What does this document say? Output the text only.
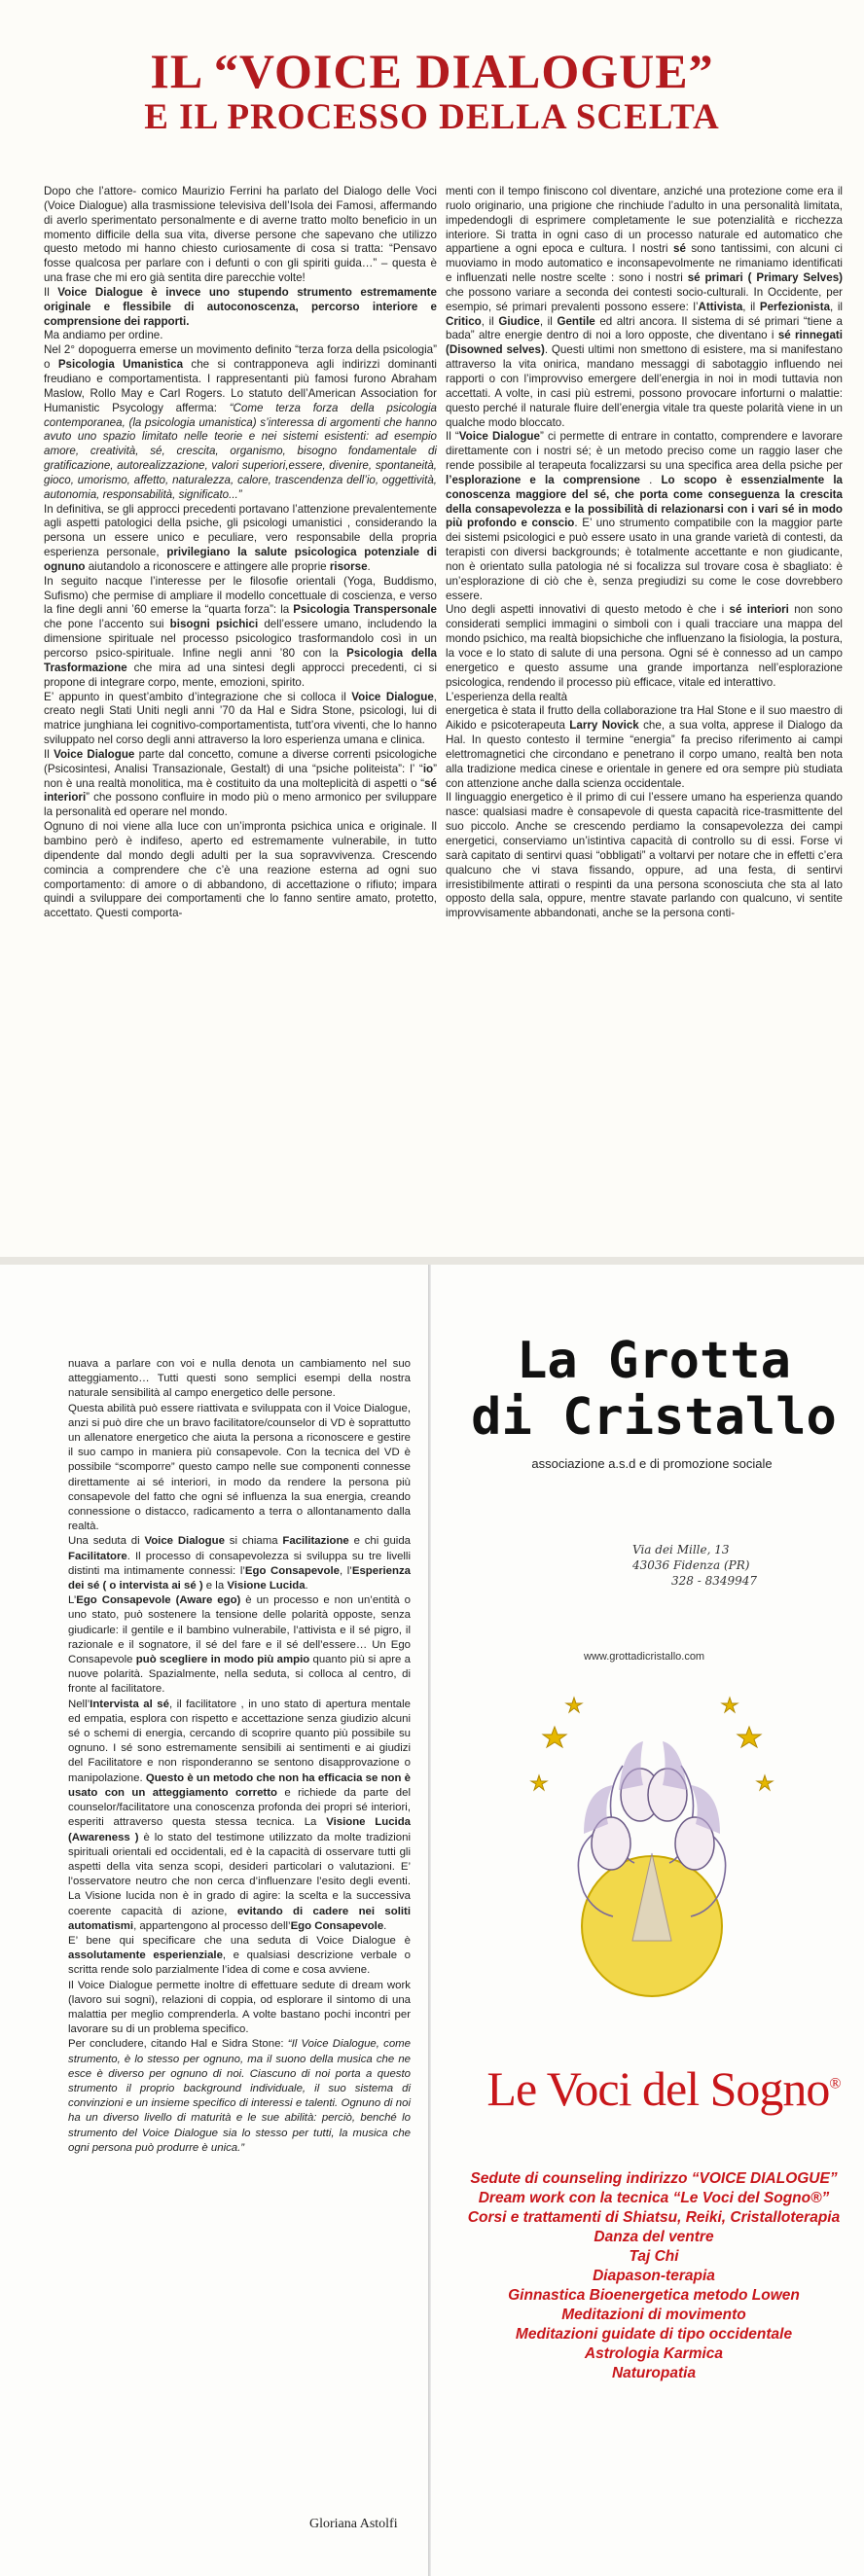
IL “VOICE DIALOGUE”
E IL PROCESSO DELLA SCELTA

Dopo che l’attore- comico Maurizio Ferrini ha parlato del Dialogo delle Voci (Voice Dialogue) alla trasmissione televisiva dell’Isola dei Famosi, affermando di averlo sperimentato personalmente e di averne tratto molto beneficio in un momento difficile della sua vita, diverse persone che sapevano che utilizzo questo metodo mi hanno chiesto curiosamente di cosa si tratta: “Pensavo fosse qualcosa per parlare con i defunti o con gli spiriti guida…” – questa è una frase che mi ero già sentita dire parecchie volte!

Il Voice Dialogue è invece uno stupendo strumento estremamente originale e flessibile di autoconoscenza, percorso interiore e comprensione dei rapporti.

Ma andiamo per ordine.

Nel 2° dopoguerra emerse un movimento definito “terza forza della psicologia” o Psicologia Umanistica che si contrapponeva agli indirizzi dominanti freudiano e comportamentista. I rappresentanti più famosi furono Abraham Maslow, Rollo May e Carl Rogers. Lo statuto dell’American Association for Humanistic Psycology afferma: “Come terza forza della psicologia contemporanea, (la psicologia umanistica) s’interessa di argomenti che hanno avuto uno spazio limitato nelle teorie e nei sistemi esistenti: ad esempio amore, creatività, sé, crescita, organismo, bisogno fondamentale di gratificazione, autorealizzazione, valori superiori,essere, divenire, spontaneità, gioco, umorismo, affetto, naturalezza, calore, trascendenza dell’io, oggettività, autonomia, responsabilità, significato...”

In definitiva, se gli approcci precedenti portavano l’attenzione prevalentemente agli aspetti patologici della psiche, gli psicologi umanistici , considerando la persona un essere unico e peculiare, vero responsabile della propria esperienza personale, privilegiano la salute psicologica potenziale di ognuno aiutandolo a riconoscere e attingere alle proprie risorse.

In seguito nacque l’interesse per le filosofie orientali (Yoga, Buddismo, Sufismo) che permise di ampliare il modello concettuale di coscienza, e verso la fine degli anni ’60 emerse la “quarta forza”: la Psicologia Transpersonale che pone l’accento sui bisogni psichici dell’essere umano, includendo la dimensione spirituale nel processo psicologico trasformandolo così in un percorso psico-spirituale. Infine negli anni ’80 con la Psicologia della Trasformazione che mira ad una sintesi degli approcci precedenti, ci si propone di integrare corpo, mente, emozioni, spirito.

E’ appunto in quest’ambito d’integrazione che si colloca il Voice Dialogue, creato negli Stati Uniti negli anni ’70 da Hal e Sidra Stone, psicologi, lui di matrice junghiana lei cognitivo-comportamentista, tutt’ora viventi, che lo hanno sviluppato nel corso degli anni attraverso la loro esperienza umana e clinica.

Il Voice Dialogue parte dal concetto, comune a diverse correnti psicologiche (Psicosintesi, Analisi Transazionale, Gestalt) di una “psiche politeista”: l’ “io” non è una realtà monolitica, ma è costituito da una molteplicità di aspetti o “sé interiori” che possono confluire in modo più o meno armonico per sviluppare la personalità ed operare nel mondo.

Ognuno di noi viene alla luce con un’impronta psichica unica e originale. Il bambino però è indifeso, aperto ed estremamente vulnerabile, in tutto dipendente dal mondo degli adulti per la sua sopravvivenza. Crescendo comincia a comprendere che c’è una reazione esterna ad ogni suo comportamento: di amore o di abbandono, di accettazione o rifiuto; impara quindi a sviluppare dei comportamenti che lo fanno sentire amato, protetto, accettato. Questi comporta-

menti con il tempo finiscono col diventare, anziché una protezione come era il ruolo originario, una prigione che rinchiude l’adulto in una personalità limitata, impedendogli di esprimere completamente le sue potenzialità e ricchezza interiore. Si tratta in ogni caso di un processo naturale ed automatico che appartiene a ogni epoca e cultura. I nostri sé sono tantissimi, con alcuni ci muoviamo in modo automatico e inconsapevolmente ne rimaniamo identificati e influenzati nelle nostre scelte : sono i nostri sé primari ( Primary Selves) che possono variare a seconda dei contesti socio-culturali. In Occidente, per esempio, sé primari prevalenti possono essere: l’Attivista, il Perfezionista, il Critico, il Giudice, il Gentile ed altri ancora. Il sistema di sé primari “tiene a bada” altre energie dentro di noi a loro opposte, che diventano i sé rinnegati (Disowned selves). Questi ultimi non smettono di esistere, ma si manifestano attraverso la vita onirica, mandano messaggi di sabotaggio influendo nei rapporti o con l’improvviso emergere dell’energia in noi in modi tuttavia non accettati. A volte, in casi più estremi, possono provocare inforturni o malattie: questo perché il naturale fluire dell’energia vitale tra queste polarità viene in un qualche modo bloccato.

Il “Voice Dialogue” ci permette di entrare in contatto, comprendere e lavorare direttamente con i nostri sé; è un metodo preciso come un raggio laser che rende possibile al terapeuta focalizzarsi su una specifica area della psiche per l’esplorazione e la comprensione . Lo scopo è essenzialmente la conoscenza maggiore del sé, che porta come conseguenza la crescita della consapevolezza e la possibilità di relazionarsi con i vari sé in modo più profondo e conscio. E’ uno strumento compatibile con la maggior parte dei sistemi psicologici e può essere usato in una grande varietà di contesti, da terapisti con diversi backgrounds; è totalmente accettante e non giudicante, non è orientato sulla patologia né si focalizza sul trovare cosa è sbagliato: è un’esplorazione di ciò che è, senza pregiudizi su come le cose dovrebbero essere.

Uno degli aspetti innovativi di questo metodo è che i sé interiori non sono considerati semplici immagini o simboli con i quali tracciare una mappa del mondo psichico, ma realtà biopsichiche che influenzano la fisiologia, la postura, la voce e lo stato di salute di una persona. Ogni sé è connesso ad un campo energetico e questo assume una grande importanza nell’esplorazione psicologica, rendendo il processo più efficace, vitale ed interattivo.

L’esperienza della realtà

energetica è stata il frutto della collaborazione tra Hal Stone e il suo maestro di Aikido e psicoterapeuta Larry Novick che, a sua volta, apprese il Dialogo da Hal. In questo contesto il termine “energia” fa preciso riferimento ai campi elettromagnetici che circondano e penetrano il corpo umano, realtà ben nota alla tradizione medica cinese e orientale in genere ed ora sempre più studiata con attenzione anche dalla scienza occidentale.

Il linguaggio energetico è il primo di cui l’essere umano ha esperienza quando nasce: qualsiasi madre è consapevole di questa capacità rice-trasmittente del suo piccolo. Anche se crescendo perdiamo la consapevolezza dei campi energetici, conserviamo un’istintiva capacità di controllo su di essi. Forse vi sarà capitato di sentirvi quasi “obbligati” a voltarvi per notare che in effetti c’era qualcuno che vi stava fissando, oppure, ad una festa, di sentirvi irresistibilmente attirati o respinti da una persona sconosciuta che sta al lato opposto della sala, oppure, mentre stavate parlando con qualcuno, vi sentite improvvisamente abbandonati, anche se la persona conti-

nuava a parlare con voi e nulla denota un cambiamento nel suo atteggiamento… Tutti questi sono semplici esempi della nostra naturale sensibilità al campo energetico delle persone.

Questa abilità può essere riattivata e sviluppata con il Voice Dialogue, anzi si può dire che un bravo facilitatore/counselor di VD è soprattutto un allenatore energetico che aiuta la persona a riconoscere e gestire il suo campo in maniera più consapevole. Con la tecnica del VD è possibile “scomporre” questo campo nelle sue componenti connesse direttamente ai sé interiori, in modo da rendere la persona più consapevole del fatto che ogni sé influenza la sua energia, creando connessione o distacco, radicamento a terra o allontanamento dalla realtà.

Una seduta di Voice Dialogue si chiama Facilitazione e chi guida Facilitatore. Il processo di consapevolezza si sviluppa su tre livelli distinti ma intimamente connessi: l’Ego Consapevole, l’Esperienza dei sé ( o intervista ai sé ) e la Visione Lucida.

L’Ego Consapevole (Aware ego) è un processo e non un’entità o uno stato, può sostenere la tensione delle polarità opposte, senza giudicarle: il gentile e il bambino vulnerabile, l’attivista e il sé pigro, il razionale e il sognatore, il sé del fare e il sé dell’essere… Un Ego Consapevole può scegliere in modo più ampio quanto più si apre a nuove polarità. Spazialmente, nella seduta, si colloca al centro, di fronte al facilitatore.

Nell’Intervista al sé, il facilitatore , in uno stato di apertura mentale ed empatia, esplora con rispetto e accettazione senza giudizio alcuni sé o schemi di energia, cercando di scoprire quanto più possibile su ognuno. I sé sono estremamente sensibili ai sentimenti e ai giudizi del Facilitatore e non risponderanno se sentono disapprovazione o manipolazione. Questo è un metodo che non ha efficacia se non è usato con un atteggiamento corretto e richiede da parte del counselor/facilitatore una conoscenza profonda dei propri sé interiori, esperiti attraverso questa stessa tecnica. La Visione Lucida (Awareness ) è lo stato del testimone utilizzato da molte tradizioni spirituali orientali ed occidentali, ed è la capacità di osservare tutti gli aspetti della vita senza scopi, desideri particolari o valutazioni. E’ l’osservatore neutro che non cerca d’influenzare l’esito degli eventi. La Visione lucida non è in grado di agire: la scelta e la successiva coerente capacità di azione, evitando di cadere nei soliti automatismi, appartengono al processo dell’Ego Consapevole.

E’ bene qui specificare che una seduta di Voice Dialogue è assolutamente esperienziale, e qualsiasi descrizione verbale o scritta rende solo parzialmente l’idea di come e cosa avviene.

Il Voice Dialogue permette inoltre di effettuare sedute di dream work (lavoro sui sogni), relazioni di coppia, od esplorare il sintomo di una malattia per meglio comprenderla. A volte bastano pochi incontri per lavorare su di un problema specifico.

Per concludere, citando Hal e Sidra Stone: “Il Voice Dialogue, come strumento, è lo stesso per ognuno, ma il suono della musica che ne esce è diverso per ognuno di noi. Ciascuno di noi porta a questo strumento il proprio background individuale, il suo sistema di convinzioni e un insieme specifico di interessi e talenti. Ognuno di noi ha un diverso livello di maturità e le sue abilità: perciò, benché lo strumento del Voice Dialogue sia lo stesso per tutti, la musica che ogni persona può produrre è unica.”

Gloriana Astolfi
La Grotta
di Cristallo
associazione a.s.d e di promozione sociale
Via dei Mille, 13
43036 Fidenza (PR)
328 - 8349947
www.grottadicristallo.com
Le Voci del Sogno®
Sedute di counseling indirizzo “VOICE DIALOGUE”
Dream work con la tecnica “Le Voci del Sogno®”
Corsi e trattamenti di Shiatsu, Reiki, Cristalloterapia
Danza del ventre
Taj Chi
Diapason-terapia
Ginnastica Bioenergetica metodo Lowen
Meditazioni di movimento
Meditazioni guidate di tipo occidentale
Astrologia Karmica
Naturopatia
